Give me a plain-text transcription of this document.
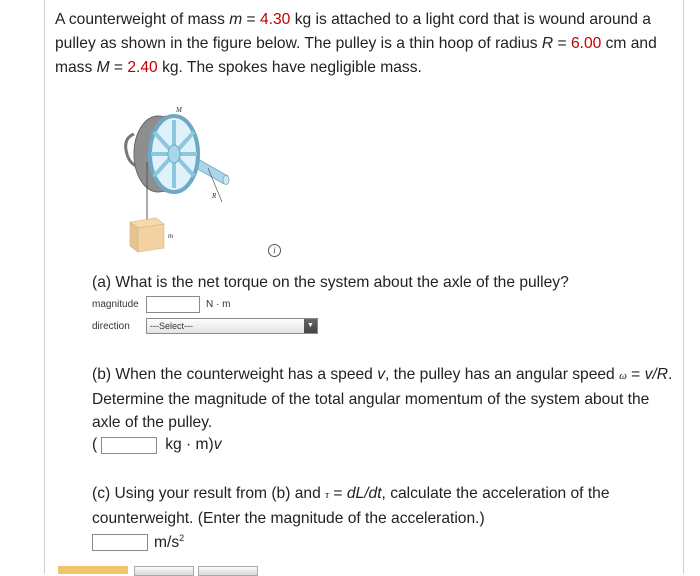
A counterweight of mass m = 4.30 kg is attached to a light cord that is wound around a pulley as shown in the figure below. The pulley is a thin hoop of radius R = 6.00 cm and mass M = 2.40 kg. The spokes have negligible mass.
M
R
m
i
(a) What is the net torque on the system about the axle of the pulley?
magnitude	N · m
direction	---Select---	▼
(b) When the counterweight has a speed v, the pulley has an angular speed ω = v/R. Determine the magnitude of the total angular momentum of the system about the axle of the pulley.
(	kg · m) v
(c) Using your result from (b) and τ = dL/dt, calculate the acceleration of the counterweight. (Enter the magnitude of the acceleration.)
$m/s^2$
